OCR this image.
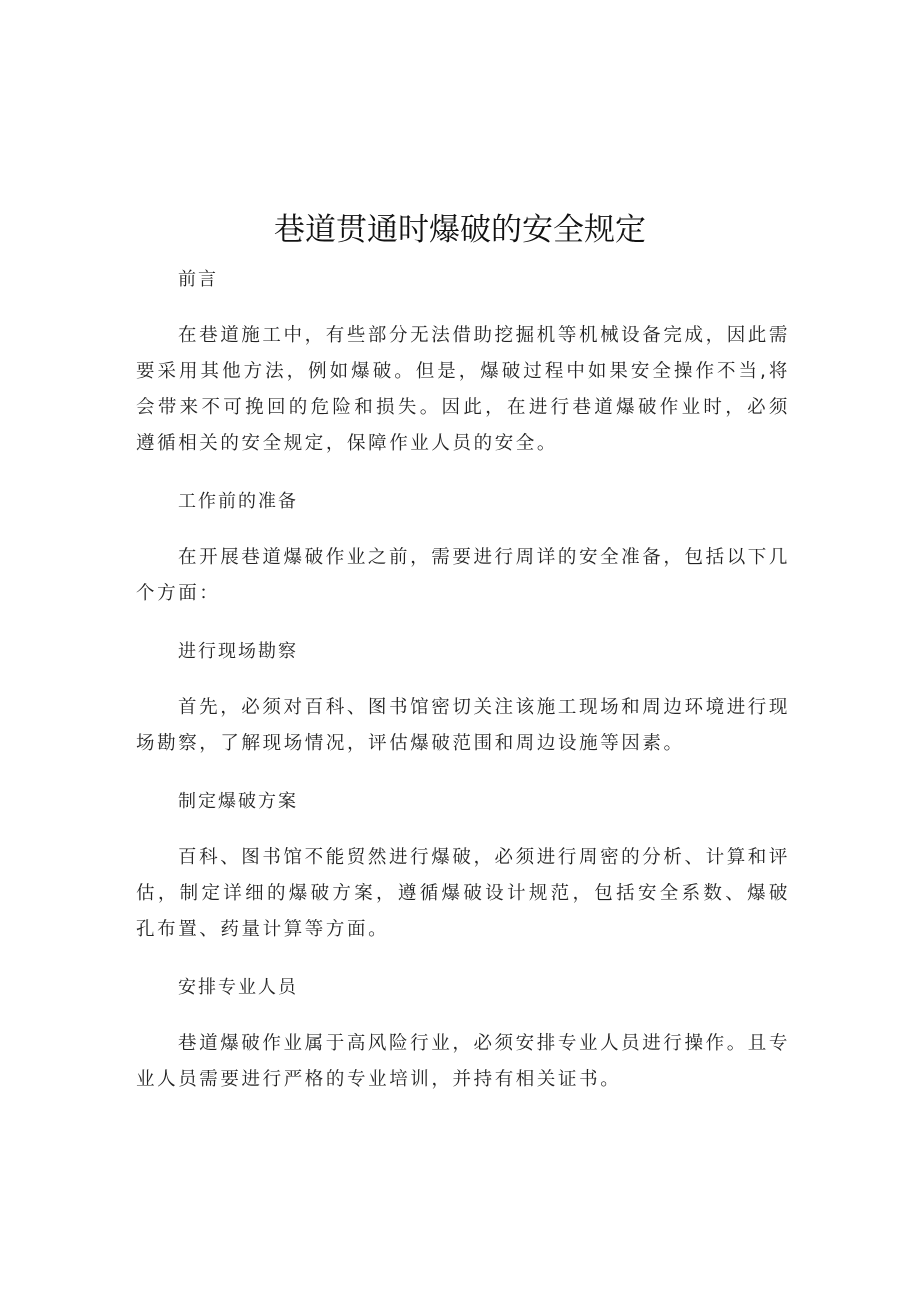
巷道贯通时爆破的安全规定

前言

在巷道施工中，有些部分无法借助挖掘机等机械设备完成，因此需要采用其他方法，例如爆破。但是，爆破过程中如果安全操作不当,将会带来不可挽回的危险和损失。因此，在进行巷道爆破作业时，必须遵循相关的安全规定，保障作业人员的安全。

工作前的准备

在开展巷道爆破作业之前，需要进行周详的安全准备，包括以下几个方面：

进行现场勘察

首先，必须对百科、图书馆密切关注该施工现场和周边环境进行现场勘察，了解现场情况，评估爆破范围和周边设施等因素。

制定爆破方案

百科、图书馆不能贸然进行爆破，必须进行周密的分析、计算和评估，制定详细的爆破方案，遵循爆破设计规范，包括安全系数、爆破孔布置、药量计算等方面。

安排专业人员

巷道爆破作业属于高风险行业，必须安排专业人员进行操作。且专业人员需要进行严格的专业培训，并持有相关证书。
